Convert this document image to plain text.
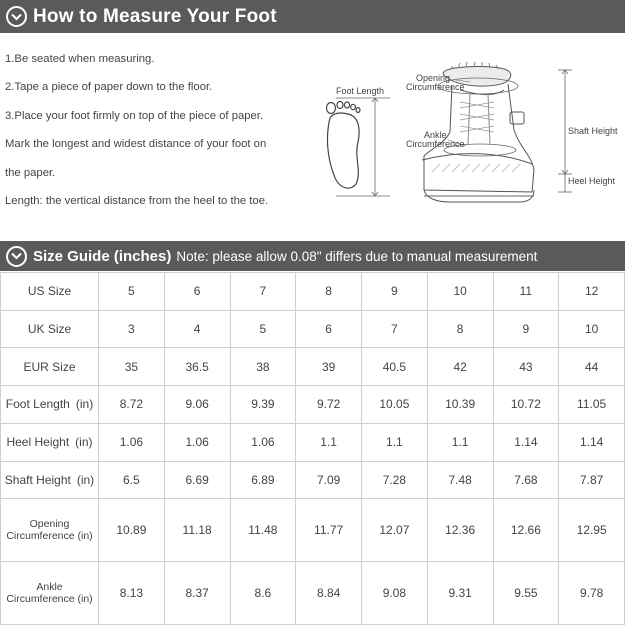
How to Measure Your Foot
1.Be seated when measuring.
2.Tape a piece of paper down to the floor.
3.Place your foot firmly on top of the piece of paper.
Mark the longest and widest distance of your foot on
the paper.
Length: the vertical distance from the heel to the toe.
Foot Length
Opening
Circumference
Ankle
Circumference
Shaft Height
Heel Height
Size Guide (inches) Note: please allow 0.08" differs due to manual measurement
US Size	5	6	7	8	9	10	11	12
UK Size	3	4	5	6	7	8	9	10
EUR Size	35	36.5	38	39	40.5	42	43	44
Foot Length (in)	8.72	9.06	9.39	9.72	10.05	10.39	10.72	11.05
Heel Height (in)	1.06	1.06	1.06	1.1	1.1	1.1	1.14	1.14
Shaft Height (in)	6.5	6.69	6.89	7.09	7.28	7.48	7.68	7.87

Opening
Circumference (in)	10.89	11.18	11.48	11.77	12.07	12.36	12.66	12.95

Ankle
Circumference (in)	8.13	8.37	8.6	8.84	9.08	9.31	9.55	9.78
